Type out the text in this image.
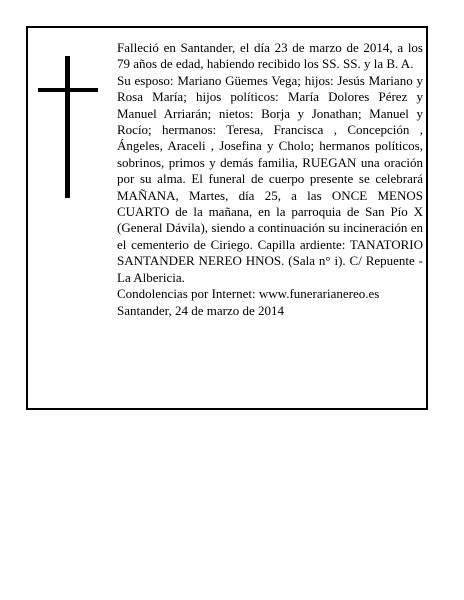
Falleció en Santander, el día 23 de marzo de 2014, a los 79 años de edad, habiendo recibido los SS. SS. y la B. A.

Su esposo: Mariano Güemes Vega; hijos: Jesús Mariano y Rosa María; hijos políticos: María Dolores Pérez y Manuel Arriarán; nietos: Borja y Jonathan; Manuel y Rocío; hermanos: Teresa, Francisca , Concepción , Ángeles, Araceli , Josefina y Cholo; hermanos políticos, sobrinos, primos y demás familia, RUEGAN una oración por su alma. El funeral de cuerpo presente se celebrará MAÑANA, Martes, día 25, a las ONCE MENOS CUARTO de la mañana, en la parroquia de San Pío X (General Dávila), siendo a continuación su incineración en el cementerio de Ciriego. Capilla ardiente: TANATORIO SANTANDER NEREO HNOS. (Sala n° i). C/ Repuente - La Albericia.

Condolencias por Internet: www.funerarianereo.es

Santander, 24 de marzo de 2014
